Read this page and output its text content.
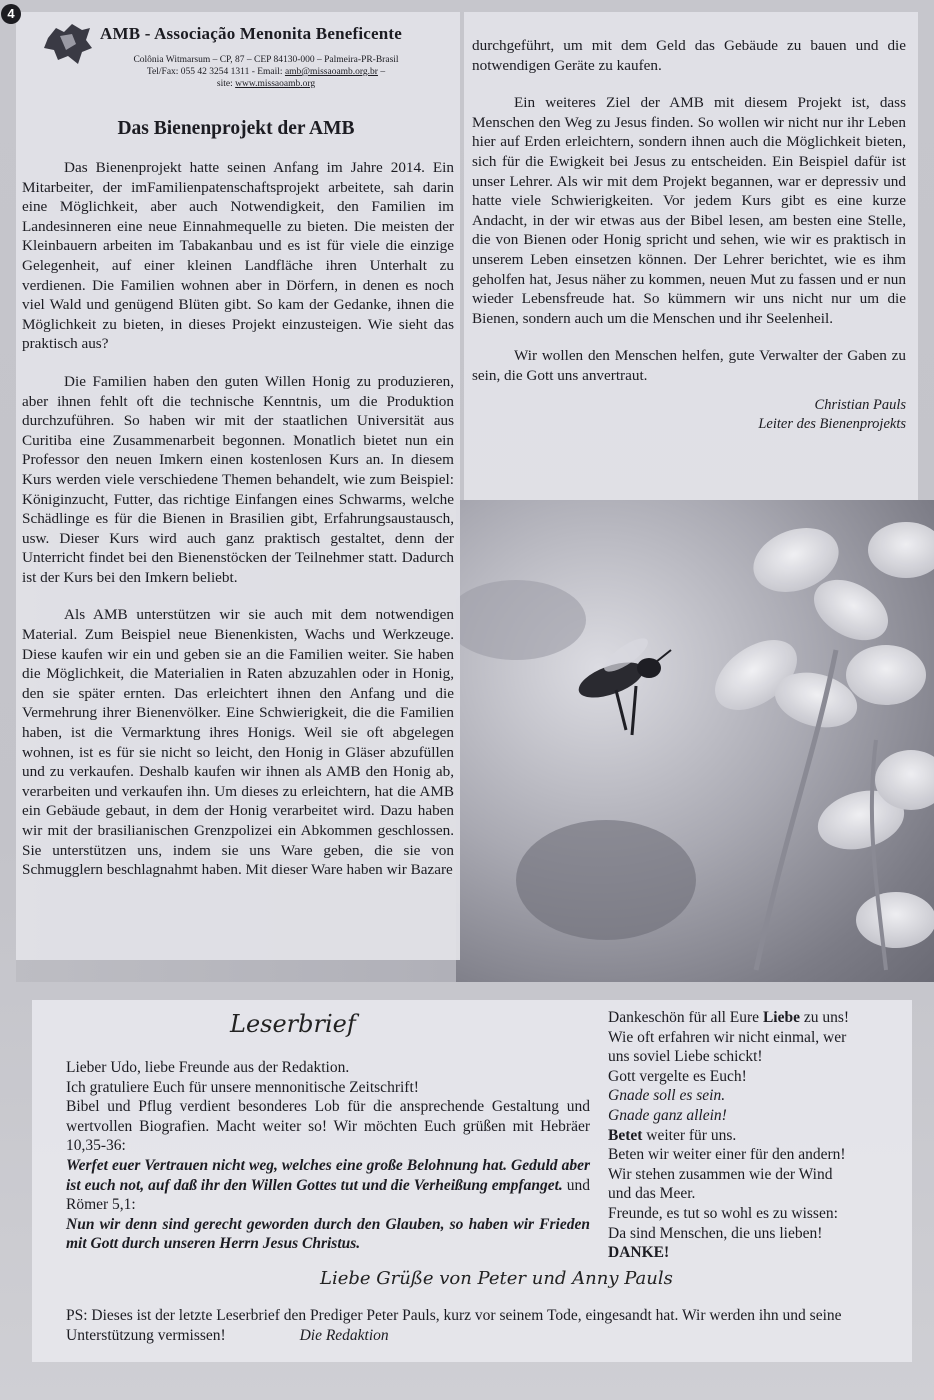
4
AMB - Associação Menonita Beneficente
Colônia Witmarsum – CP, 87 – CEP 84130-000 – Palmeira-PR-Brasil
Tel/Fax: 055 42 3254 1311 - Email: amb@missaoamb.org.br –
site: www.missaoamb.org
Das Bienenprojekt der AMB

Das Bienenprojekt hatte seinen Anfang im Jahre 2014. Ein Mitarbeiter, der imFamilienpatenschaftsprojekt arbeitete, sah darin eine Möglichkeit, aber auch Notwendigkeit, den Familien im Landesinneren eine neue Einnahmequelle zu bieten. Die meisten der Kleinbauern arbeiten im Tabakanbau und es ist für viele die einzige Gelegenheit, auf einer kleinen Landfläche ihren Unterhalt zu verdienen. Die Familien wohnen aber in Dörfern, in denen es noch viel Wald und genügend Blüten gibt. So kam der Gedanke, ihnen die Möglichkeit zu bieten, in dieses Projekt einzusteigen. Wie sieht das praktisch aus?

Die Familien haben den guten Willen Honig zu produzieren, aber ihnen fehlt oft die technische Kenntnis, um die Produktion durchzuführen. So haben wir mit der staatlichen Universität aus Curitiba eine Zusammenarbeit begonnen. Monatlich bietet nun ein Professor den neuen Imkern einen kostenlosen Kurs an. In diesem Kurs werden viele verschiedene Themen behandelt, wie zum Beispiel: Königinzucht, Futter, das richtige Einfangen eines Schwarms, welche Schädlinge es für die Bienen in Brasilien gibt, Erfahrungsaustausch, usw. Dieser Kurs wird auch ganz praktisch gestaltet, denn der Unterricht findet bei den Bienenstöcken der Teilnehmer statt. Dadurch ist der Kurs bei den Imkern beliebt.

Als AMB unterstützen wir sie auch mit dem notwendigen Material. Zum Beispiel neue Bienenkisten, Wachs und Werkzeuge. Diese kaufen wir ein und geben sie an die Familien weiter. Sie haben die Möglichkeit, die Materialien in Raten abzuzahlen oder in Honig, den sie später ernten. Das erleichtert ihnen den Anfang und die Vermehrung ihrer Bienenvölker. Eine Schwierigkeit, die die Familien haben, ist die Vermarktung ihres Honigs. Weil sie oft abgelegen wohnen, ist es für sie nicht so leicht, den Honig in Gläser abzufüllen und zu verkaufen. Deshalb kaufen wir ihnen als AMB den Honig ab, verarbeiten und verkaufen ihn. Um dieses zu erleichtern, hat die AMB ein Gebäude gebaut, in dem der Honig verarbeitet wird. Dazu haben wir mit der brasilianischen Grenzpolizei ein Abkommen geschlossen. Sie unterstützen uns, indem sie uns Ware geben, die sie von Schmugglern beschlagnahmt haben. Mit dieser Ware haben wir Bazare

durchgeführt, um mit dem Geld das Gebäude zu bauen und die notwendigen Geräte zu kaufen.

Ein weiteres Ziel der AMB mit diesem Projekt ist, dass Menschen den Weg zu Jesus finden. So wollen wir nicht nur ihr Leben hier auf Erden erleichtern, sondern ihnen auch die Möglichkeit bieten, sich für die Ewigkeit bei Jesus zu entscheiden. Ein Beispiel dafür ist unser Lehrer. Als wir mit dem Projekt begannen, war er depressiv und hatte viele Schwierigkeiten. Vor jedem Kurs gibt es eine kurze Andacht, in der wir etwas aus der Bibel lesen, am besten eine Stelle, die von Bienen oder Honig spricht und sehen, wie wir es praktisch in unserem Leben einsetzen können. Der Lehrer berichtet, wie es ihm geholfen hat, Jesus näher zu kommen, neuen Mut zu fassen und er nun wieder Lebensfreude hat. So kümmern wir uns nicht nur um die Bienen, sondern auch um die Menschen und ihr Seelenheil.

Wir wollen den Menschen helfen, gute Verwalter der Gaben zu sein, die Gott uns anvertraut.

Christian Pauls
Leiter des Bienenprojekts
Leserbrief
Lieber Udo, liebe Freunde aus der Redaktion.
Ich gratuliere Euch für unsere mennonitische Zeitschrift!
Bibel und Pflug verdient besonderes Lob für die ansprechende Gestaltung und wertvollen Biografien. Macht weiter so! Wir möchten Euch grüßen mit Hebräer 10,35-36:
Werfet euer Vertrauen nicht weg, welches eine große Belohnung hat. Geduld aber ist euch not, auf daß ihr den Willen Gottes tut und die Verheißung empfanget. und Römer 5,1:
Nun wir denn sind gerecht geworden durch den Glauben, so haben wir Frieden mit Gott durch unseren Herrn Jesus Christus.
Dankeschön für all Eure Liebe zu uns!
Wie oft erfahren wir nicht einmal, wer
uns soviel Liebe schickt!
Gott vergelte es Euch!
Gnade soll es sein.
Gnade ganz allein!
Betet weiter für uns.
Beten wir weiter einer für den andern!
Wir stehen zusammen wie der Wind
und das Meer.
Freunde, es tut so wohl es zu wissen:
Da sind Menschen, die uns lieben!
DANKE!
Liebe Grüße von Peter und Anny Pauls
PS: Dieses ist der letzte Leserbrief den Prediger Peter Pauls, kurz vor seinem Tode, eingesandt hat. Wir werden ihn und seine Unterstützung vermissen!	Die Redaktion
